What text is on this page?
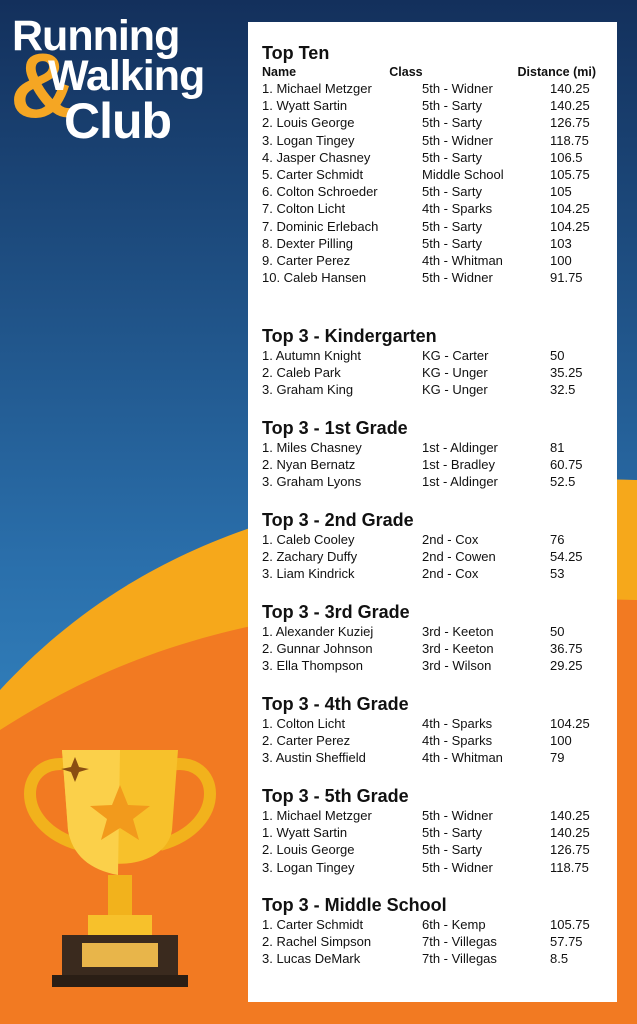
&
Running
Walking
Club
Top Ten
Name	Class	Distance (mi)
1. Michael Metzger	5th - Widner	140.25
1. Wyatt Sartin	5th - Sarty	140.25
2. Louis George	5th - Sarty	126.75
3. Logan Tingey	5th - Widner	118.75
4. Jasper Chasney	5th - Sarty	106.5
5. Carter Schmidt	Middle School	105.75
6. Colton Schroeder	5th - Sarty	105
7. Colton Licht	4th - Sparks	104.25
7. Dominic Erlebach	5th - Sarty	104.25
8. Dexter Pilling	5th - Sarty	103
9. Carter Perez	4th - Whitman	100
10. Caleb Hansen	5th - Widner	91.75
Top 3 - Kindergarten
1. Autumn Knight	KG - Carter	50
2. Caleb Park	KG - Unger	35.25
3. Graham King	KG - Unger	32.5
Top 3 - 1st Grade
1. Miles Chasney	1st - Aldinger	81
2. Nyan Bernatz	1st - Bradley	60.75
3. Graham Lyons	1st - Aldinger	52.5
Top 3 - 2nd Grade
1. Caleb Cooley	2nd - Cox	76
2. Zachary Duffy	2nd - Cowen	54.25
3. Liam Kindrick	2nd - Cox	53
Top 3 - 3rd Grade
1. Alexander Kuziej	3rd - Keeton	50
2. Gunnar Johnson	3rd - Keeton	36.75
3. Ella Thompson	3rd - Wilson	29.25
Top 3 - 4th Grade
1. Colton Licht	4th - Sparks	104.25
2. Carter Perez	4th - Sparks	100
3. Austin Sheffield	4th - Whitman	79
Top 3 - 5th Grade
1. Michael Metzger	5th - Widner	140.25
1. Wyatt Sartin	5th - Sarty	140.25
2. Louis George	5th - Sarty	126.75
3. Logan Tingey	5th - Widner	118.75
Top 3 - Middle School
1. Carter Schmidt	6th - Kemp	105.75
2. Rachel Simpson	7th - Villegas	57.75
3. Lucas DeMark	7th - Villegas	8.5
